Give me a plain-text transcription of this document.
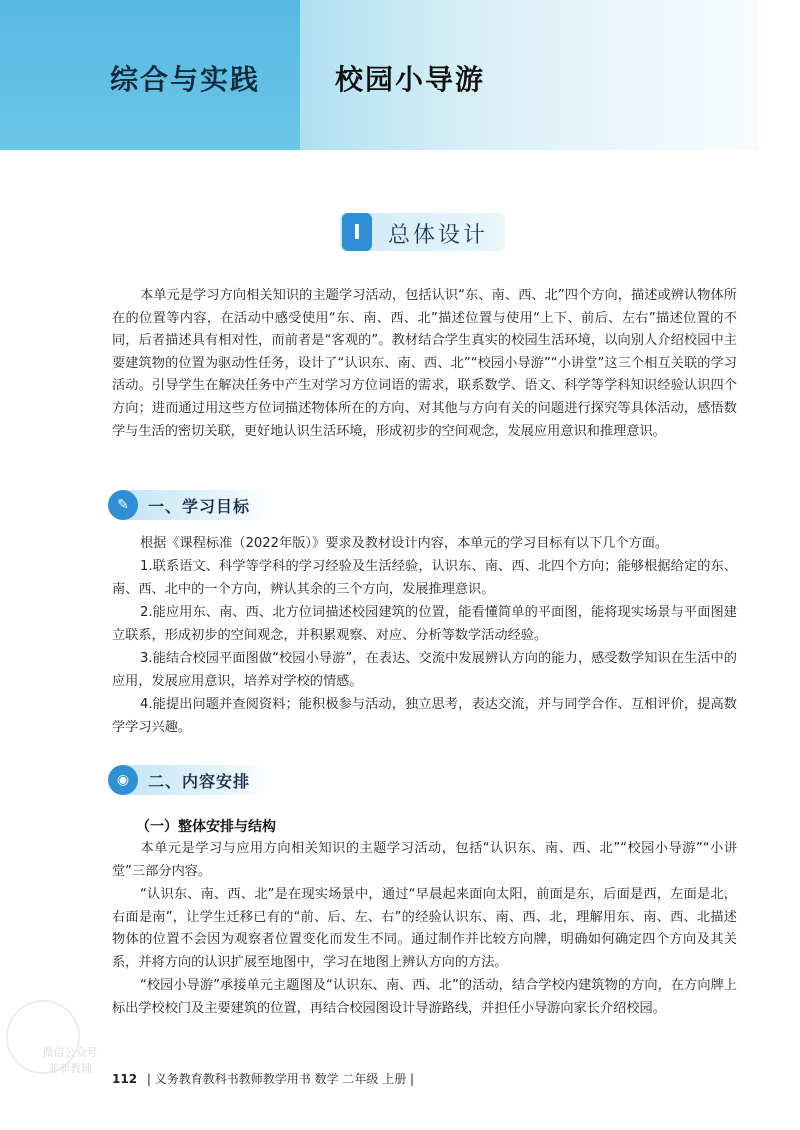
综合与实践	校园小导游
I	总体设计
本单元是学习方向相关知识的主题学习活动，包括认识“东、南、西、北”四个方向，描述或辨认物体所在的位置等内容，在活动中感受使用“东、南、西、北”描述位置与使用“上下、前后、左右”描述位置的不同，后者描述具有相对性，而前者是“客观的”。教材结合学生真实的校园生活环境，以向别人介绍校园中主要建筑物的位置为驱动性任务，设计了“认识东、南、西、北”“校园小导游”“小讲堂”这三个相互关联的学习活动。引导学生在解决任务中产生对学习方位词语的需求，联系数学、语文、科学等学科知识经验认识四个方向；进而通过用这些方位词描述物体所在的方向、对其他与方向有关的问题进行探究等具体活动，感悟数学与生活的密切关联，更好地认识生活环境，形成初步的空间观念，发展应用意识和推理意识。
✎	一、学习目标
根据《课程标准（2022年版）》要求及教材设计内容，本单元的学习目标有以下几个方面。
1.联系语文、科学等学科的学习经验及生活经验，认识东、南、西、北四个方向；能够根据给定的东、南、西、北中的一个方向，辨认其余的三个方向，发展推理意识。
2.能应用东、南、西、北方位词描述校园建筑的位置，能看懂简单的平面图，能将现实场景与平面图建立联系，形成初步的空间观念，并积累观察、对应、分析等数学活动经验。
3.能结合校园平面图做“校园小导游”，在表达、交流中发展辨认方向的能力，感受数学知识在生活中的应用，发展应用意识，培养对学校的情感。
4.能提出问题并查阅资料；能积极参与活动，独立思考，表达交流，并与同学合作、互相评价，提高数学学习兴趣。
◉	二、内容安排
（一）整体安排与结构
本单元是学习与应用方向相关知识的主题学习活动，包括“认识东、南、西、北”“校园小导游”“小讲堂”三部分内容。
“认识东、南、西、北”是在现实场景中，通过“早晨起来面向太阳，前面是东，后面是西，左面是北，右面是南”，让学生迁移已有的“前、后、左、右”的经验认识东、南、西、北，理解用东、南、西、北描述物体的位置不会因为观察者位置变化而发生不同。通过制作并比较方向牌，明确如何确定四个方向及其关系，并将方向的认识扩展至地图中，学习在地图上辨认方向的方法。
“校园小导游”承接单元主题图及“认识东、南、西、北”的活动，结合学校内建筑物的方向，在方向牌上标出学校校门及主要建筑的位置，再结合校园图设计导游路线，并担任小导游向家长介绍校园。
微信公众号
菲菲教辅
112 | 义务教育教科书教师教学用书 数学 二年级 上册 |
